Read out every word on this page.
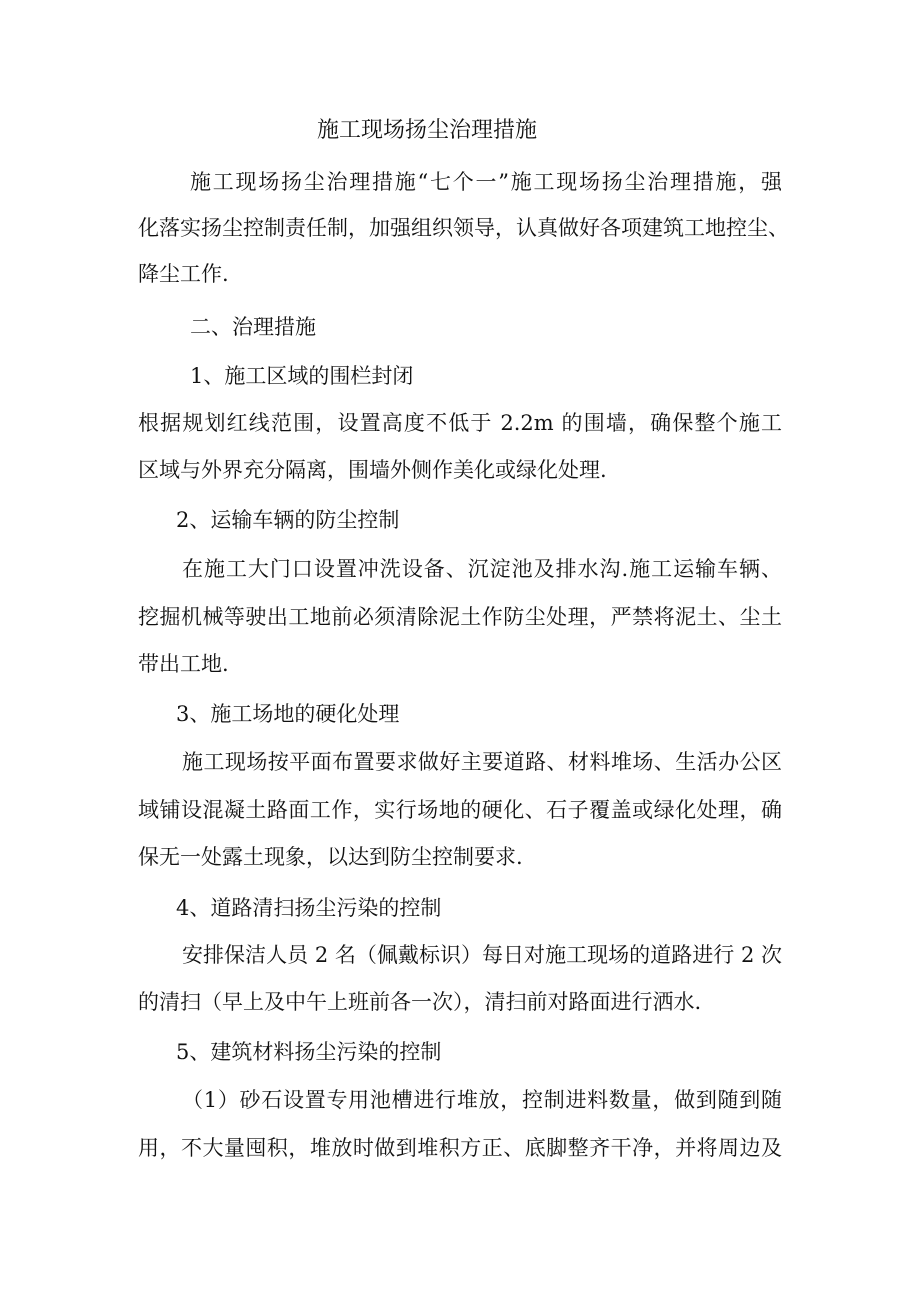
施工现场扬尘治理措施
施工现场扬尘治理措施“七个一”施工现场扬尘治理措施，强
化落实扬尘控制责任制，加强组织领导，认真做好各项建筑工地控尘、
降尘工作.
二、治理措施
1、施工区域的围栏封闭
根据规划红线范围，设置高度不低于 2.2m 的围墙，确保整个施工
区域与外界充分隔离，围墙外侧作美化或绿化处理.
2、运输车辆的防尘控制
在施工大门口设置冲洗设备、沉淀池及排水沟.施工运输车辆、
挖掘机械等驶出工地前必须清除泥土作防尘处理，严禁将泥土、尘土
带出工地.
3、施工场地的硬化处理
施工现场按平面布置要求做好主要道路、材料堆场、生活办公区
域铺设混凝土路面工作，实行场地的硬化、石子覆盖或绿化处理，确
保无一处露土现象，以达到防尘控制要求.
4、道路清扫扬尘污染的控制
安排保洁人员 2 名（佩戴标识）每日对施工现场的道路进行 2 次
的清扫（早上及中午上班前各一次），清扫前对路面进行洒水.
5、建筑材料扬尘污染的控制
（1）砂石设置专用池槽进行堆放，控制进料数量，做到随到随
用，不大量囤积，堆放时做到堆积方正、底脚整齐干净，并将周边及
